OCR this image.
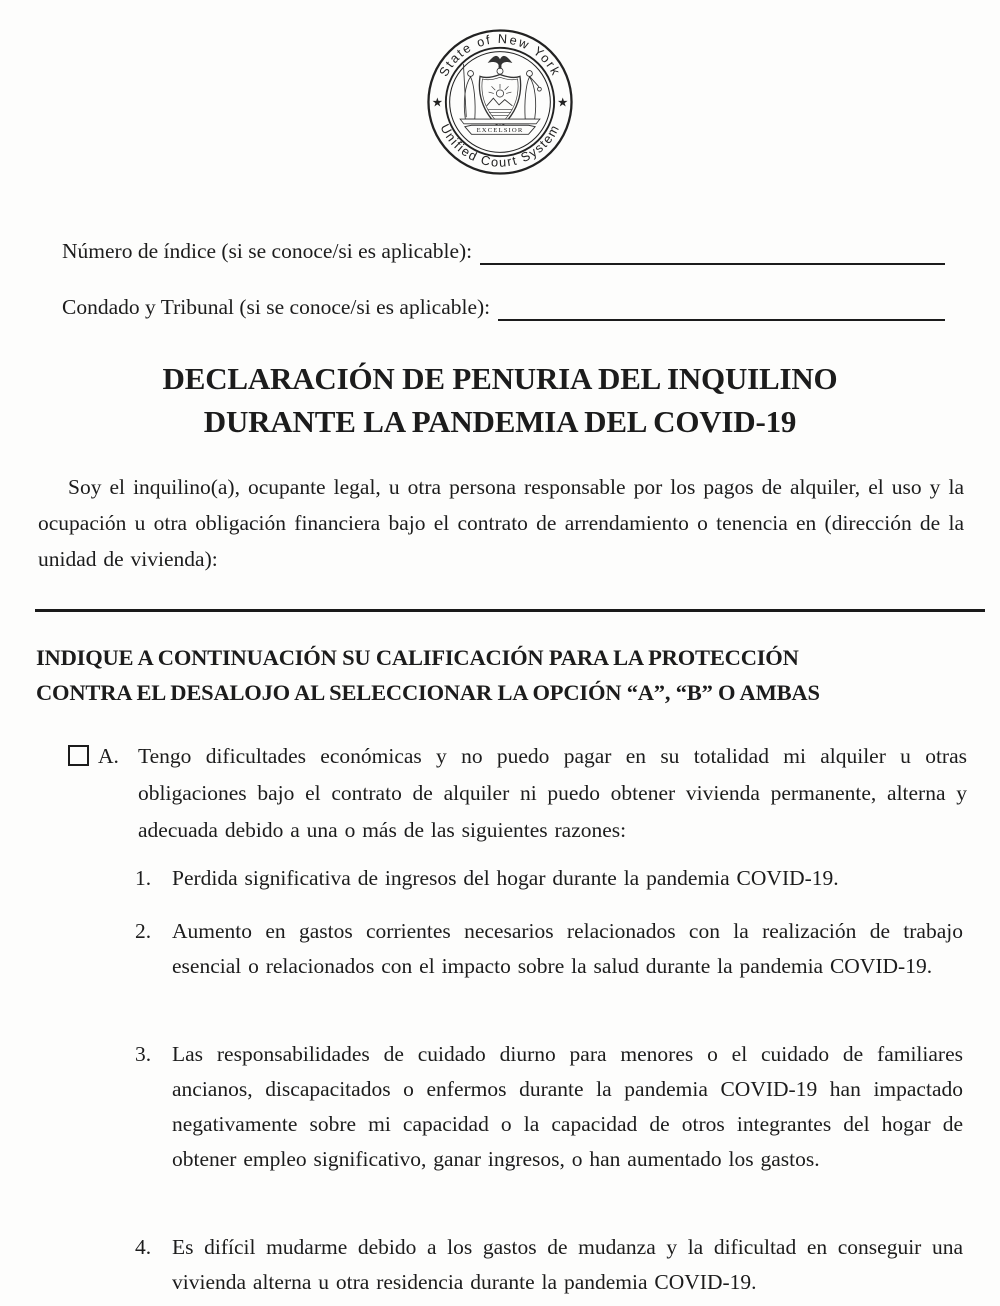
State of New York
Unified Court System
★	★
EXCELSIOR
Número de índice (si se conoce/si es aplicable):
Condado y Tribunal (si se conoce/si es aplicable):
DECLARACIÓN DE PENURIA DEL INQUILINO
DURANTE LA PANDEMIA DEL COVID-19

Soy el inquilino(a), ocupante legal, u otra persona responsable por los pagos de alquiler, el uso y la ocupación u otra obligación financiera bajo el contrato de arrendamiento o tenencia en (dirección de la unidad de vivienda):

INDIQUE A CONTINUACIÓN SU CALIFICACIÓN PARA LA PROTECCIÓN
CONTRA EL DESALOJO AL SELECCIONAR LA OPCIÓN “A”, “B” O AMBAS
A. Tengo dificultades económicas y no puedo pagar en su totalidad mi alquiler u otras obligaciones bajo el contrato de alquiler ni puedo obtener vivienda permanente, alterna y adecuada debido a una o más de las siguientes razones:
1. Perdida significativa de ingresos del hogar durante la pandemia COVID-19.
2. Aumento en gastos corrientes necesarios relacionados con la realización de trabajo esencial o relacionados con el impacto sobre la salud durante la pandemia COVID-19.
3. Las responsabilidades de cuidado diurno para menores o el cuidado de familiares ancianos, discapacitados o enfermos durante la pandemia COVID-19 han impactado negativamente sobre mi capacidad o la capacidad de otros integrantes del hogar de obtener empleo significativo, ganar ingresos, o han aumentado los gastos.
4. Es difícil mudarme debido a los gastos de mudanza y la dificultad en conseguir una vivienda alterna u otra residencia durante la pandemia COVID-19.
